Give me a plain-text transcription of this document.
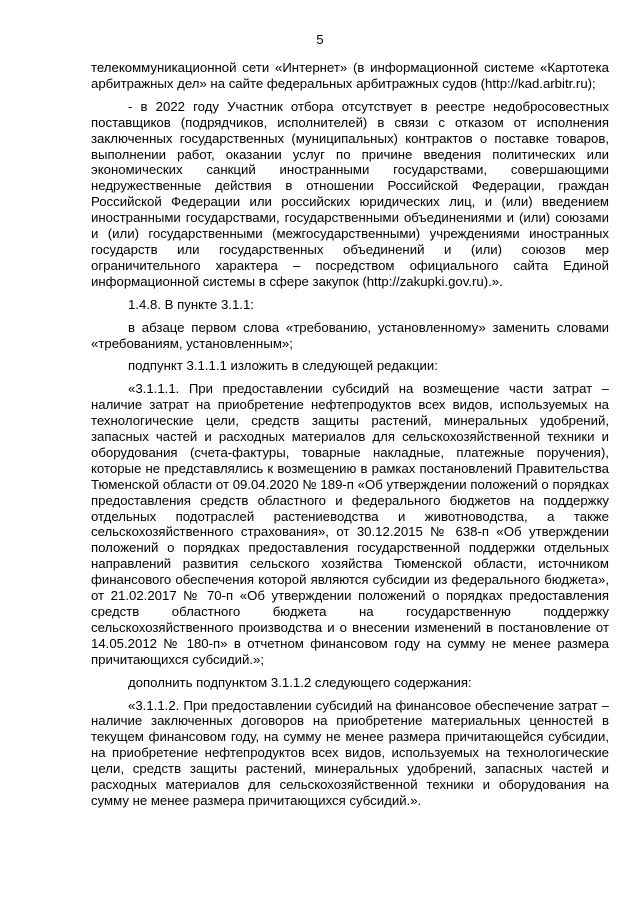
5

телекоммуникационной сети «Интернет» (в информационной системе «Картотека арбитражных дел» на сайте федеральных арбитражных судов (http://kad.arbitr.ru);

- в 2022 году Участник отбора отсутствует в реестре недобросовестных поставщиков (подрядчиков, исполнителей) в связи с отказом от исполнения заключенных государственных (муниципальных) контрактов о поставке товаров, выполнении работ, оказании услуг по причине введения политических или экономических санкций иностранными государствами, совершающими недружественные действия в отношении Российской Федерации, граждан Российской Федерации или российских юридических лиц, и (или) введением иностранными государствами, государственными объединениями и (или) союзами и (или) государственными (межгосударственными) учреждениями иностранных государств или государственных объединений и (или) союзов мер ограничительного характера – посредством официального сайта Единой информационной системы в сфере закупок (http://zakupki.gov.ru).».

1.4.8. В пункте 3.1.1:

в абзаце первом слова «требованию, установленному» заменить словами «требованиям, установленным»;

подпункт 3.1.1.1 изложить в следующей редакции:

«3.1.1.1. При предоставлении субсидий на возмещение части затрат – наличие затрат на приобретение нефтепродуктов всех видов, используемых на технологические цели, средств защиты растений, минеральных удобрений, запасных частей и расходных материалов для сельскохозяйственной техники и оборудования (счета-фактуры, товарные накладные, платежные поручения), которые не представлялись к возмещению в рамках постановлений Правительства Тюменской области от 09.04.2020 № 189-п «Об утверждении положений о порядках предоставления средств областного и федерального бюджетов на поддержку отдельных подотраслей растениеводства и животноводства, а также сельскохозяйственного страхования», от 30.12.2015 № 638-п «Об утверждении положений о порядках предоставления государственной поддержки отдельных направлений развития сельского хозяйства Тюменской области, источником финансового обеспечения которой являются субсидии из федерального бюджета», от 21.02.2017 № 70-п «Об утверждении положений о порядках предоставления средств областного бюджета на государственную поддержку сельскохозяйственного производства и о внесении изменений в постановление от 14.05.2012 № 180-п» в отчетном финансовом году на сумму не менее размера причитающихся субсидий.»;

дополнить подпунктом 3.1.1.2 следующего содержания:

«3.1.1.2. При предоставлении субсидий на финансовое обеспечение затрат – наличие заключенных договоров на приобретение материальных ценностей в текущем финансовом году, на сумму не менее размера причитающейся субсидии, на приобретение нефтепродуктов всех видов, используемых на технологические цели, средств защиты растений, минеральных удобрений, запасных частей и расходных материалов для сельскохозяйственной техники и оборудования на сумму не менее размера причитающихся субсидий.».
